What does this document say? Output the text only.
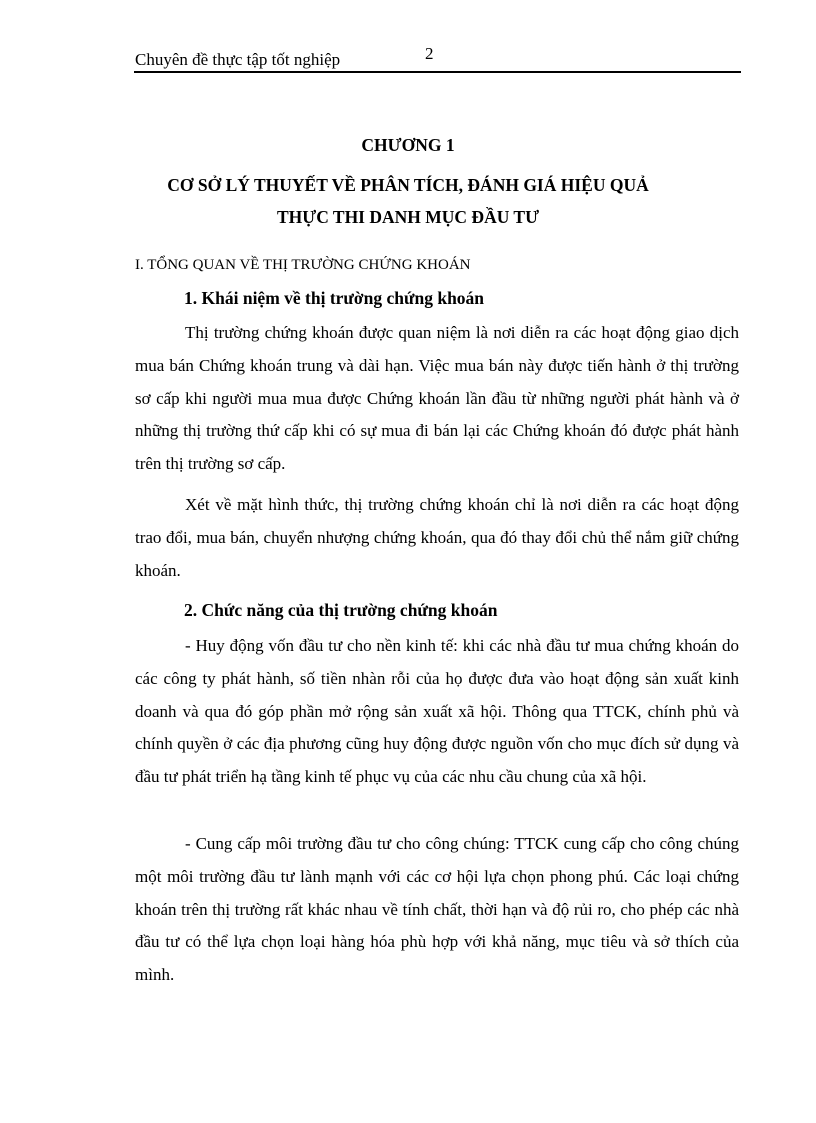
Chuyên đề thực tập tốt nghiệp	2
CHƯƠNG 1
CƠ SỞ LÝ THUYẾT VỀ PHÂN TÍCH, ĐÁNH GIÁ HIỆU QUẢ
THỰC THI DANH MỤC ĐẦU TƯ
I. TỔNG QUAN VỀ THỊ TRƯỜNG CHỨNG KHOÁN
1. Khái niệm về thị trường chứng khoán

Thị trường chứng khoán được quan niệm là nơi diễn ra các hoạt động giao dịch mua bán Chứng khoán trung và dài hạn. Việc mua bán này được tiến hành ở thị trường sơ cấp khi người mua mua được Chứng khoán lần đầu từ những người phát hành và ở những thị trường thứ cấp khi có sự mua đi bán lại các Chứng khoán đó được phát hành trên thị trường sơ cấp.

Xét về mặt hình thức, thị trường chứng khoán chỉ là nơi diễn ra các hoạt động trao đổi, mua bán, chuyển nhượng chứng khoán, qua đó thay đổi chủ thể nắm giữ chứng khoán.

2. Chức năng của thị trường chứng khoán

- Huy động vốn đầu tư cho nền kinh tế: khi các nhà đầu tư mua chứng khoán do các công ty phát hành, số tiền nhàn rỗi của họ được đưa vào hoạt động sản xuất kinh doanh và qua đó góp phần mở rộng sản xuất xã hội. Thông qua TTCK, chính phủ và chính quyền ở các địa phương cũng huy động được nguồn vốn cho mục đích sử dụng và đầu tư phát triển hạ tầng kinh tế phục vụ của các nhu cầu chung của xã hội.

- Cung cấp môi trường đầu tư cho công chúng: TTCK cung cấp cho công chúng một môi trường đầu tư lành mạnh với các cơ hội lựa chọn phong phú. Các loại chứng khoán trên thị trường rất khác nhau về tính chất, thời hạn và độ rủi ro, cho phép các nhà đầu tư có thể lựa chọn loại hàng hóa phù hợp với khả năng, mục tiêu và sở thích của mình.
